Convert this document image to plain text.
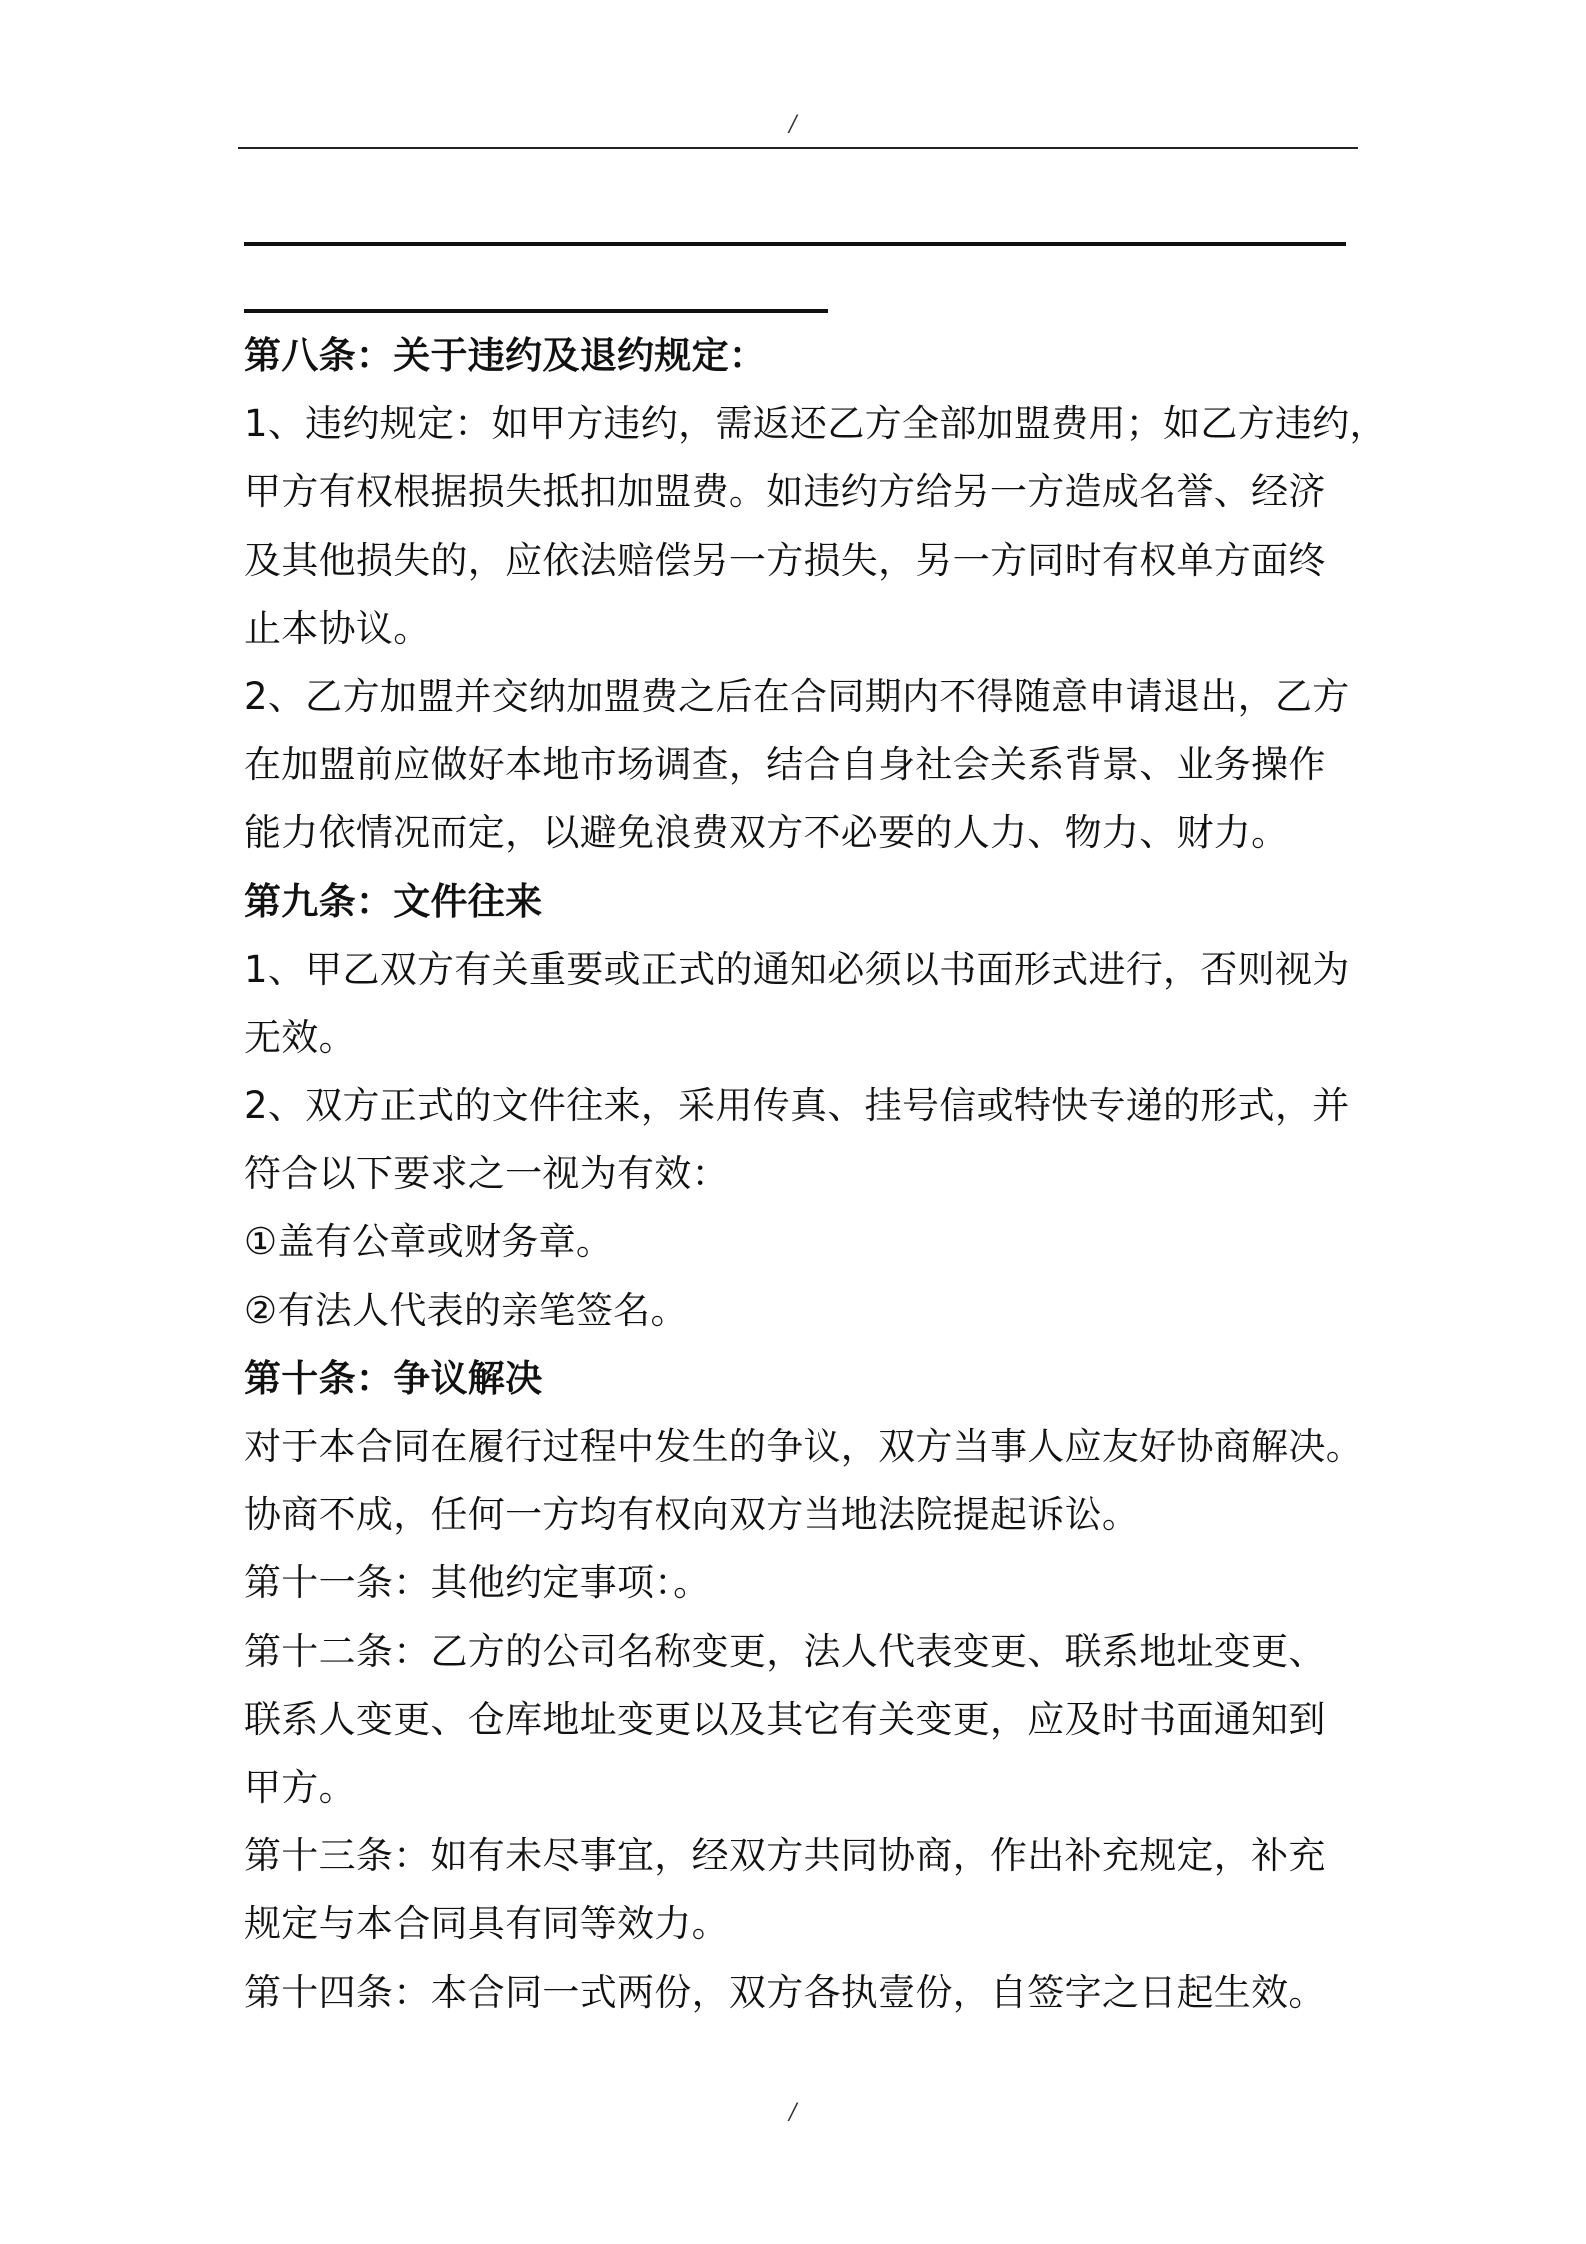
/
第八条：关于违约及退约规定：
1、违约规定：如甲方违约，需返还乙方全部加盟费用；如乙方违约，
甲方有权根据损失抵扣加盟费。如违约方给另一方造成名誉、经济
及其他损失的，应依法赔偿另一方损失，另一方同时有权单方面终
止本协议。
2、乙方加盟并交纳加盟费之后在合同期内不得随意申请退出，乙方
在加盟前应做好本地市场调查，结合自身社会关系背景、业务操作
能力依情况而定，以避免浪费双方不必要的人力、物力、财力。
第九条：文件往来
1、甲乙双方有关重要或正式的通知必须以书面形式进行，否则视为
无效。
2、双方正式的文件往来，采用传真、挂号信或特快专递的形式，并
符合以下要求之一视为有效：
①盖有公章或财务章。
②有法人代表的亲笔签名。
第十条：争议解决
对于本合同在履行过程中发生的争议，双方当事人应友好协商解决。
协商不成，任何一方均有权向双方当地法院提起诉讼。
第十一条：其他约定事项：。
第十二条：乙方的公司名称变更，法人代表变更、联系地址变更、
联系人变更、仓库地址变更以及其它有关变更，应及时书面通知到
甲方。
第十三条：如有未尽事宜，经双方共同协商，作出补充规定，补充
规定与本合同具有同等效力。
第十四条：本合同一式两份，双方各执壹份，自签字之日起生效。
/
